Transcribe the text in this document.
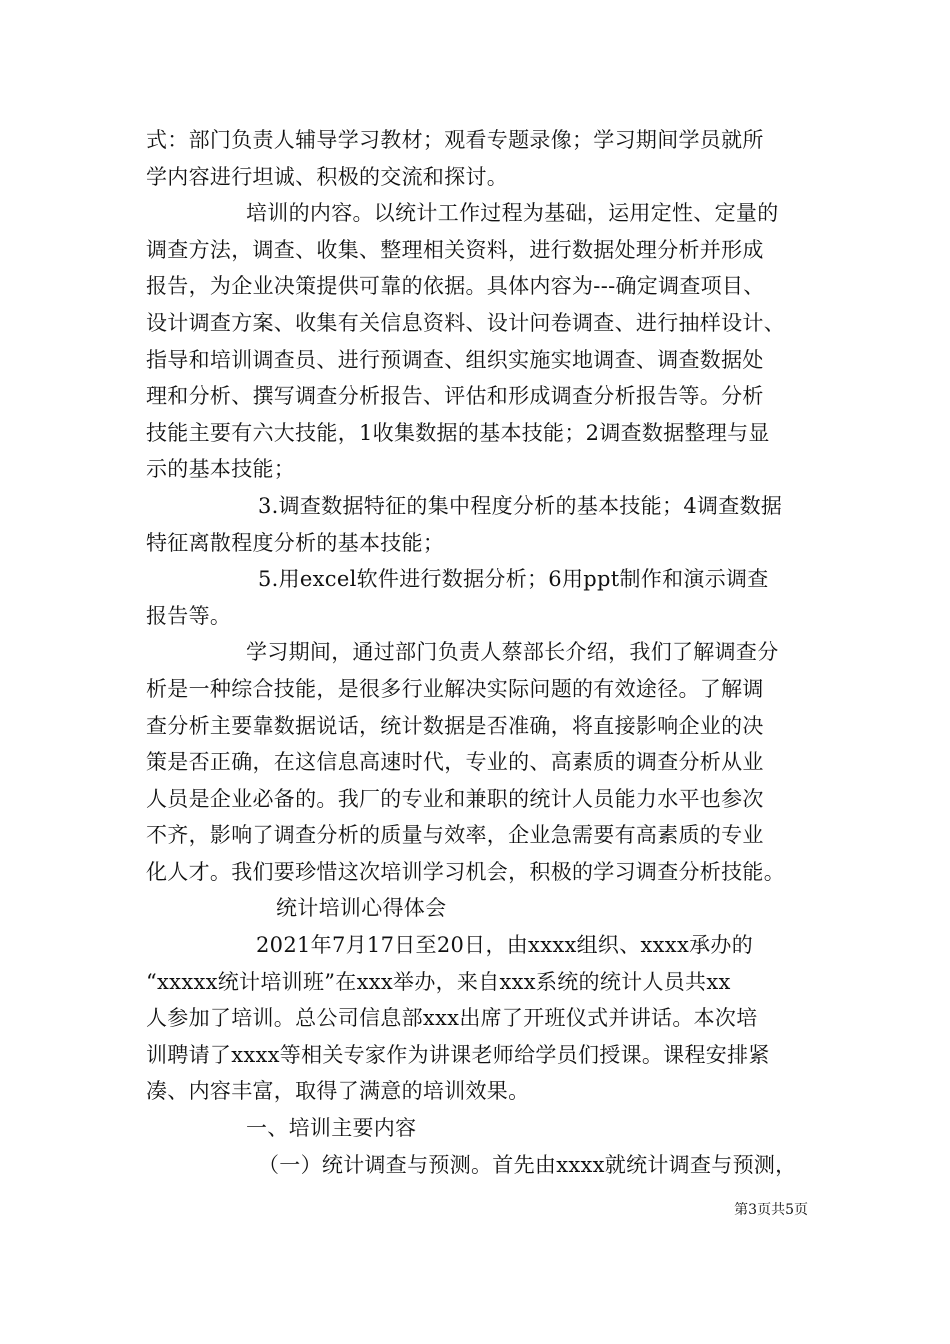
式：部门负责人辅导学习教材；观看专题录像；学习期间学员就所
学内容进行坦诚、积极的交流和探讨。
培训的内容。以统计工作过程为基础，运用定性、定量的
调查方法，调查、收集、整理相关资料，进行数据处理分析并形成
报告，为企业决策提供可靠的依据。具体内容为---确定调查项目、
设计调查方案、收集有关信息资料、设计问卷调查、进行抽样设计、
指导和培训调查员、进行预调查、组织实施实地调查、调查数据处
理和分析、撰写调查分析报告、评估和形成调查分析报告等。分析
技能主要有六大技能，1收集数据的基本技能；2调查数据整理与显
示的基本技能；
3.调查数据特征的集中程度分析的基本技能；4调查数据
特征离散程度分析的基本技能；
5.用excel软件进行数据分析；6用ppt制作和演示调查
报告等。
学习期间，通过部门负责人蔡部长介绍，我们了解调查分
析是一种综合技能，是很多行业解决实际问题的有效途径。了解调
查分析主要靠数据说话，统计数据是否准确，将直接影响企业的决
策是否正确，在这信息高速时代，专业的、高素质的调查分析从业
人员是企业必备的。我厂的专业和兼职的统计人员能力水平也参次
不齐，影响了调查分析的质量与效率，企业急需要有高素质的专业
化人才。我们要珍惜这次培训学习机会，积极的学习调查分析技能。
统计培训心得体会
2021年7月17日至20日，由xxxx组织、xxxx承办的
“xxxxx统计培训班”在xxx举办，来自xxx系统的统计人员共xx
人参加了培训。总公司信息部xxx出席了开班仪式并讲话。本次培
训聘请了xxxx等相关专家作为讲课老师给学员们授课。课程安排紧
凑、内容丰富，取得了满意的培训效果。
一、培训主要内容
（一）统计调查与预测。首先由xxxx就统计调查与预测，
第3页共5页
